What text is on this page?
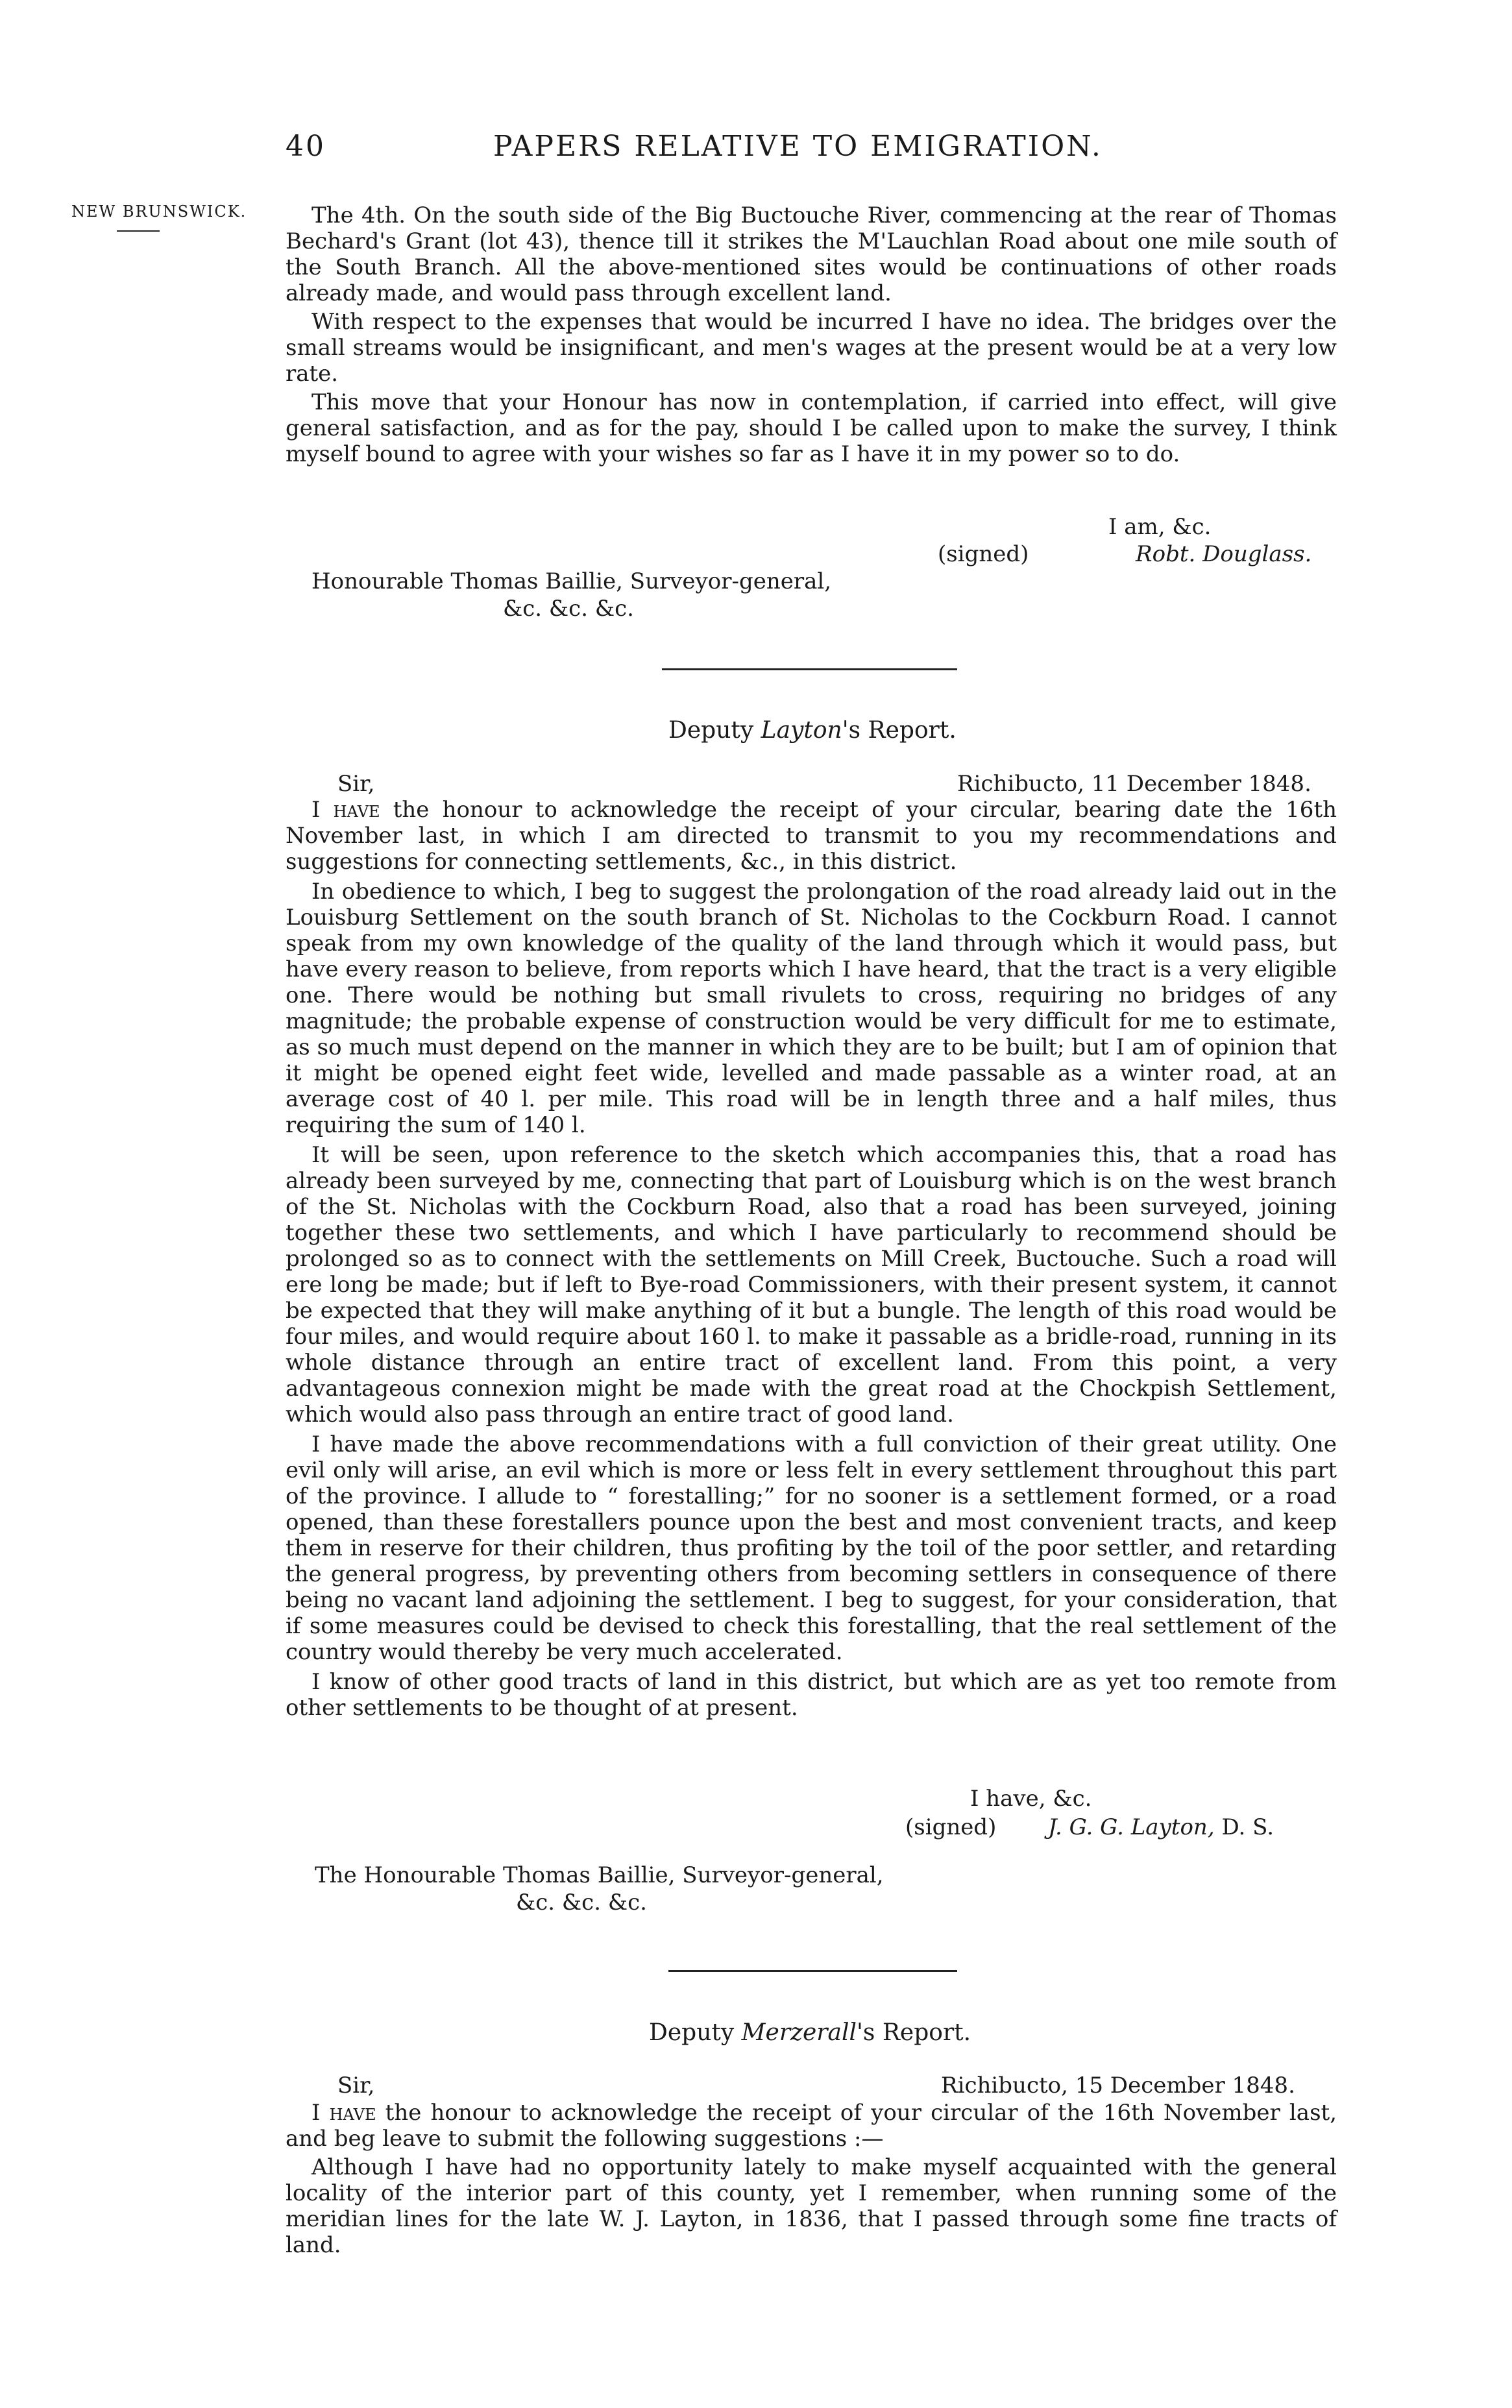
40	PAPERS RELATIVE TO EMIGRATION.
NEW BRUNSWICK.	The 4th. On the south side of the Big Buctouche River, commencing at the rear of Thomas Bechard's Grant (lot 43), thence till it strikes the M'Lauchlan Road about one mile south of the South Branch. All the above-mentioned sites would be continuations of other roads already made, and would pass through excellent land.

With respect to the expenses that would be incurred I have no idea. The bridges over the small streams would be insignificant, and men's wages at the present would be at a very low rate.

This move that your Honour has now in contemplation, if carried into effect, will give general satisfaction, and as for the pay, should I be called upon to make the survey, I think myself bound to agree with your wishes so far as I have it in my power so to do.

I am, &c.
(signed)	Robt. Douglass.
Honourable Thomas Baillie, Surveyor-general,
&c. &c. &c.
Deputy Layton's Report.
Sir,	Richibucto, 11 December 1848.

I have the honour to acknowledge the receipt of your circular, bearing date the 16th November last, in which I am directed to transmit to you my recommendations and suggestions for connecting settlements, &c., in this district.

In obedience to which, I beg to suggest the prolongation of the road already laid out in the Louisburg Settlement on the south branch of St. Nicholas to the Cockburn Road. I cannot speak from my own knowledge of the quality of the land through which it would pass, but have every reason to believe, from reports which I have heard, that the tract is a very eligible one. There would be nothing but small rivulets to cross, requiring no bridges of any magnitude; the probable expense of construction would be very difficult for me to estimate, as so much must depend on the manner in which they are to be built; but I am of opinion that it might be opened eight feet wide, levelled and made passable as a winter road, at an average cost of 40 l. per mile. This road will be in length three and a half miles, thus requiring the sum of 140 l.

It will be seen, upon reference to the sketch which accompanies this, that a road has already been surveyed by me, connecting that part of Louisburg which is on the west branch of the St. Nicholas with the Cockburn Road, also that a road has been surveyed, joining together these two settlements, and which I have particularly to recommend should be prolonged so as to connect with the settlements on Mill Creek, Buctouche. Such a road will ere long be made; but if left to Bye-road Commissioners, with their present system, it cannot be expected that they will make anything of it but a bungle. The length of this road would be four miles, and would require about 160 l. to make it passable as a bridle-road, running in its whole distance through an entire tract of excellent land. From this point, a very advantageous connexion might be made with the great road at the Chockpish Settlement, which would also pass through an entire tract of good land.

I have made the above recommendations with a full conviction of their great utility. One evil only will arise, an evil which is more or less felt in every settlement throughout this part of the province. I allude to “ forestalling;” for no sooner is a settlement formed, or a road opened, than these forestallers pounce upon the best and most convenient tracts, and keep them in reserve for their children, thus profiting by the toil of the poor settler, and retarding the general progress, by preventing others from becoming settlers in consequence of there being no vacant land adjoining the settlement. I beg to suggest, for your consideration, that if some measures could be devised to check this forestalling, that the real settlement of the country would thereby be very much accelerated.

I know of other good tracts of land in this district, but which are as yet too remote from other settlements to be thought of at present.

I have, &c.
(signed) J. G. G. Layton, D. S.
The Honourable Thomas Baillie, Surveyor-general,
&c. &c. &c.
Deputy Merzerall's Report.
Sir,	Richibucto, 15 December 1848.

I have the honour to acknowledge the receipt of your circular of the 16th November last, and beg leave to submit the following suggestions :—

Although I have had no opportunity lately to make myself acquainted with the general locality of the interior part of this county, yet I remember, when running some of the meridian lines for the late W. J. Layton, in 1836, that I passed through some fine tracts of land.
